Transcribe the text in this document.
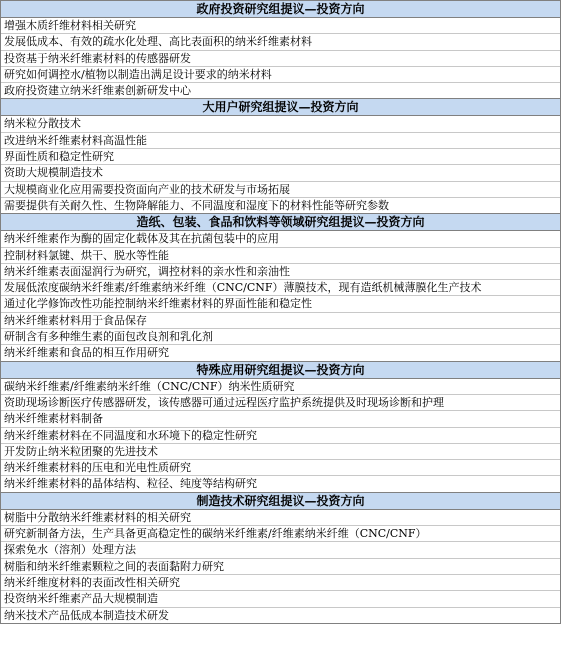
政府投资研究组提议—投资方向
增强木质纤维材料相关研究
发展低成本、有效的疏水化处理、高比表面积的纳米纤维素材料
投资基于纳米纤维素材料的传感器研发
研究如何调控水/植物以制造出满足设计要求的纳米材料
政府投资建立纳米纤维素创新研发中心
大用户研究组提议—投资方向
纳米粒分散技术
改进纳米纤维素材料高温性能
界面性质和稳定性研究
资助大规模制造技术
大规模商业化应用需要投资面向产业的技术研发与市场拓展
需要提供有关耐久性、生物降解能力、不同温度和湿度下的材料性能等研究参数
造纸、包装、食品和饮料等领域研究组提议—投资方向
纳米纤维素作为酶的固定化载体及其在抗菌包装中的应用
控制材料氯键、烘干、脱水等性能
纳米纤维素表面湿润行为研究，调控材料的亲水性和亲油性
发展低浓度碳纳米纤维素/纤维素纳米纤维（CNC/CNF）薄膜技术，现有造纸机械薄膜化生产技术
通过化学修饰改性功能控制纳米纤维素材料的界面性能和稳定性
纳米纤维素材料用于食品保存
研制含有多种维生素的面包改良剂和乳化剂
纳米纤维素和食品的相互作用研究
特殊应用研究组提议—投资方向
碳纳米纤维素/纤维素纳米纤维（CNC/CNF）纳米性质研究
资助现场诊断医疗传感器研发，该传感器可通过远程医疗监护系统提供及时现场诊断和护理
纳米纤维素材料制备
纳米纤维素材料在不同温度和水环境下的稳定性研究
开发防止纳米粒团聚的先进技术
纳米纤维素材料的压电和光电性质研究
纳米纤维素材料的晶体结构、粒径、纯度等结构研究
制造技术研究组提议—投资方向
树脂中分散纳米纤维素材料的相关研究
研究新制备方法，生产具备更高稳定性的碳纳米纤维素/纤维素纳米纤维（CNC/CNF）
探索免水（溶剂）处理方法
树脂和纳米纤维素颗粒之间的表面黏附力研究
纳米纤维度材料的表面改性相关研究
投资纳米纤维素产品大规模制造
纳米技术产品低成本制造技术研发
